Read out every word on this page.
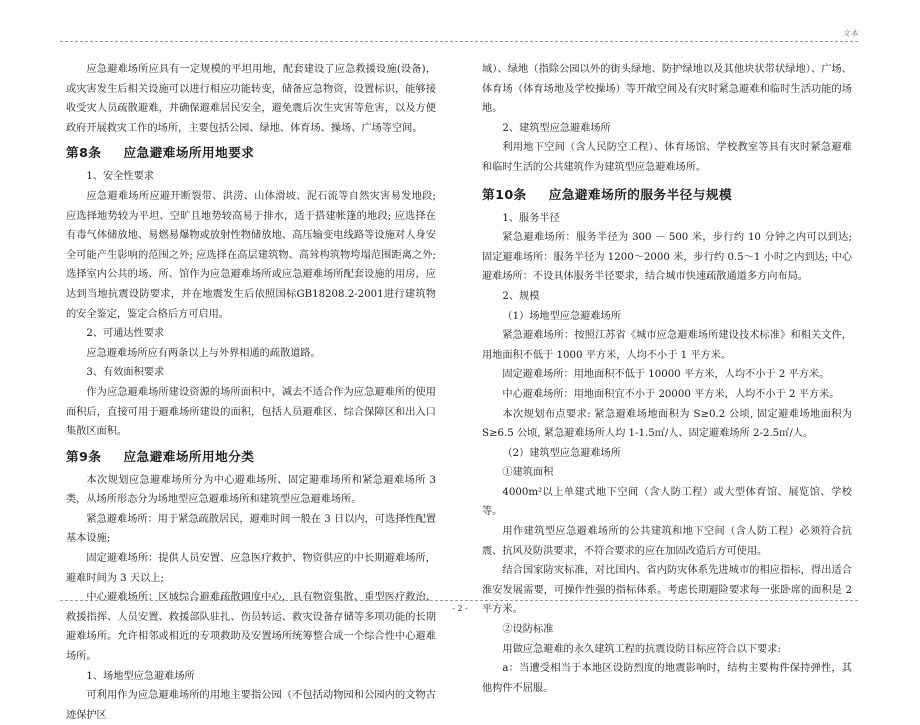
文本

应急避难场所应具有一定规模的平坦用地，配套建设了应急救援设施(设备)，或灾害发生后相关设施可以进行相应功能转变，储备应急物资，设置标识，能够接收受灾人员疏散避难，并确保避难居民安全，避免震后次生灾害等危害，以及方便政府开展救灾工作的场所，主要包括公园、绿地、体育场、操场、广场等空间。

第8条 应急避难场所用地要求

1、安全性要求

应急避难场所应避开断裂带、洪涝、山体滑坡、泥石流等自然灾害易发地段; 应选择地势较为平坦、空旷且地势较高易于排水，适于搭建帐篷的地段; 应选择在有毒气体储放地、易燃易爆物或放射性物储放地、高压输变电线路等设施对人身安全可能产生影响的范围之外; 应选择在高层建筑物、高耸构筑物垮塌范围距离之外; 选择室内公共的场、所、馆作为应急避难场所或应急避难场所配套设施的用房，应达到当地抗震设防要求，并在地震发生后依照国标GB18208.2-2001进行建筑物的安全鉴定，鉴定合格后方可启用。

2、可通达性要求

应急避难场所应有两条以上与外界相通的疏散道路。

3、有效面积要求

作为应急避难场所建设资源的场所面积中，减去不适合作为应急避难所的使用面积后，直接可用于避难场所建设的面积，包括人员避难区、综合保障区和出入口集散区面积。

第9条 应急避难场所用地分类

本次规划应急避难场所分为中心避难场所、固定避难场所和紧急避难场所 3 类，从场所形态分为场地型应急避难场所和建筑型应急避难场所。

紧急避难场所：用于紧急疏散居民，避难时间一般在 3 日以内，可选择性配置基本设施;

固定避难场所：提供人员安置、应急医疗救护、物资供应的中长期避难场所，避难时间为 3 天以上;

中心避难场所：区域综合避难疏散调度中心，具有物资集散、重型医疗救治、救援指挥、人员安置、救援部队驻扎、伤员转运、救灾设备存储等多项功能的长期避难场所。允许相邻或相近的专项救助及安置场所统筹整合成一个综合性中心避难场所。

1、场地型应急避难场所

可利用作为应急避难场所的用地主要指公园（不包括动物园和公园内的文物古迹保护区

域）、绿地（指除公园以外的街头绿地、防护绿地以及其他块状带状绿地）、广场、体育场（体育场地及学校操场）等开敞空间及有灾时紧急避难和临时生活功能的场地。

2、建筑型应急避难场所

利用地下空间（含人民防空工程）、体育场馆、学校教室等具有灾时紧急避难和临时生活的公共建筑作为建筑型应急避难场所。

第10条 应急避难场所的服务半径与规模

1、服务半径

紧急避难场所：服务半径为 300 － 500 米，步行约 10 分钟之内可以到达; 固定避难场所：服务半径为 1200～2000 米，步行约 0.5～1 小时之内到达; 中心避难场所：不设具体服务半径要求，结合城市快速疏散通道多方向布局。

2、规模

（1）场地型应急避难场所

紧急避难场所：按照江苏省《城市应急避难场所建设技术标准》和相关文件，用地面积不低于 1000 平方米，人均不小于 1 平方米。

固定避难场所：用地面积不低于 10000 平方米，人均不小于 2 平方米。

中心避难场所：用地面积宜不小于 20000 平方米，人均不小于 2 平方米。

本次规划布点要求: 紧急避难场地面积为 S≥0.2 公顷, 固定避难场地面积为 S≥6.5 公顷, 紧急避难场所人均 1-1.5㎡/人、固定避难场所 2-2.5㎡/人。

（2）建筑型应急避难场所

①建筑面积

4000m²以上单建式地下空间（含人防工程）或大型体育馆、展览馆、学校等。

用作建筑型应急避难场所的公共建筑和地下空间（含人防工程）必须符合抗震、抗风及防洪要求，不符合要求的应在加固改造后方可使用。

结合国家防灾标准，对比国内、省内防灾体系先进城市的相应指标，得出适合淮安发展需要，可操作性强的指标体系。考虑长期避险要求每一张卧席的面积是 2 平方米。

②设防标准

用做应急避难的永久建筑工程的抗震设防目标应符合以下要求:

a：当遭受相当于本地区设防烈度的地震影响时，结构主要构件保持弹性，其他构件不屈服。

- 2 -
